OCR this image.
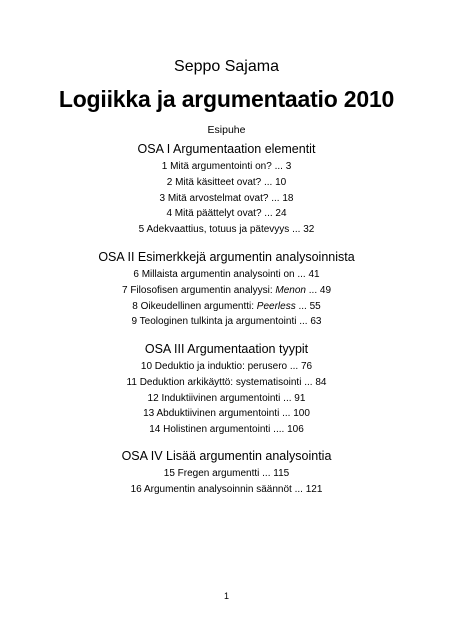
Seppo Sajama
Logiikka ja argumentaatio 2010
Esipuhe
OSA I Argumentaation elementit
1 Mitä argumentointi on? ... 3
2 Mitä käsitteet ovat? ... 10
3 Mitä arvostelmat ovat? ... 18
4 Mitä päättelyt ovat? ... 24
5 Adekvaattius, totuus ja pätevyys ... 32
OSA II Esimerkkejä argumentin analysoinnista
6 Millaista argumentin analysointi on ... 41
7 Filosofisen argumentin analyysi: Menon ... 49
8 Oikeudellinen argumentti: Peerless ... 55
9 Teologinen tulkinta ja argumentointi ... 63
OSA III Argumentaation tyypit
10 Deduktio ja induktio: perusero ... 76
11 Deduktion arkikäyttö: systematisointi ... 84
12 Induktiivinen argumentointi ... 91
13 Abduktiivinen argumentointi ... 100
14 Holistinen argumentointi .... 106
OSA IV Lisää argumentin analysointia
15 Fregen argumentti ... 115
16 Argumentin analysoinnin säännöt ... 121
1
